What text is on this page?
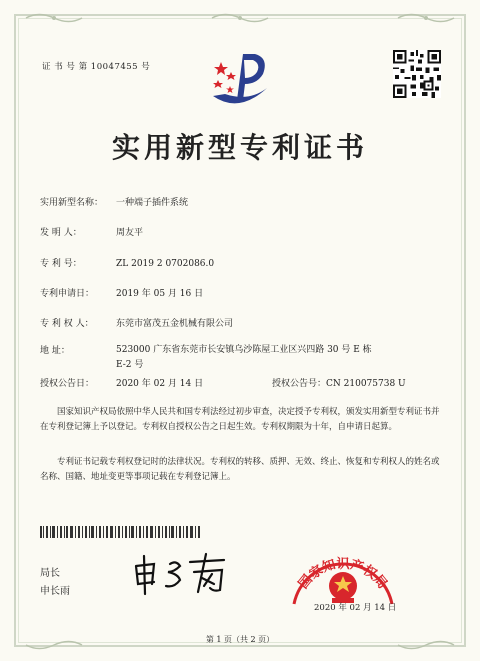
证 书 号 第 10047455 号
实用新型专利证书
实用新型名称： 一种端子插件系统
发 明 人：	周友平
专 利 号：	ZL 2019 2 0702086.0
专利申请日： 2019 年 05 月 16 日
专 利 权 人： 东莞市富茂五金机械有限公司
地 址：	523000 广东省东莞市长安镇乌沙陈屋工业区兴四路 30 号 E 栋 E-2 号
授权公告日： 2020 年 02 月 14 日	授权公告号：CN 210075738 U
国家知识产权局依照中华人民共和国专利法经过初步审查，决定授予专利权，颁发实用新型专利证书并在专利登记簿上予以登记。专利权自授权公告之日起生效。专利权期限为十年，自申请日起算。
专利证书记载专利权登记时的法律状况。专利权的转移、质押、无效、终止、恢复和专利权人的姓名或名称、国籍、地址变更等事项记载在专利登记簿上。
局长
申长雨	国家知识产权局
2020 年 02 月 14 日
第 1 页（共 2 页）
